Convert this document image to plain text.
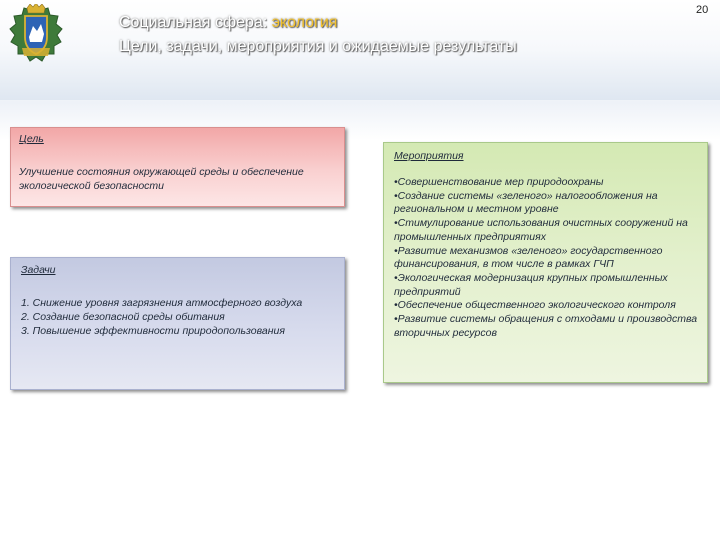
Социальная сфера: экология
Цели, задачи, мероприятия и ожидаемые результаты
20
Цель
Улучшение состояния окружающей среды и обеспечение экологической безопасности
Задачи
1. Снижение уровня загрязнения атмосферного воздуха
2. Создание безопасной среды обитания
3. Повышение эффективности природопользования
Мероприятия
•Совершенствование мер природоохраны
•Создание системы «зеленого» налогообложения на региональном и местном уровне
•Стимулирование использования очистных сооружений на промышленных предприятиях
•Развитие механизмов «зеленого» государственного финансирования, в том числе в рамках ГЧП
•Экологическая модернизация крупных промышленных предприятий
•Обеспечение общественного экологического контроля
•Развитие системы обращения с отходами и производства вторичных ресурсов
